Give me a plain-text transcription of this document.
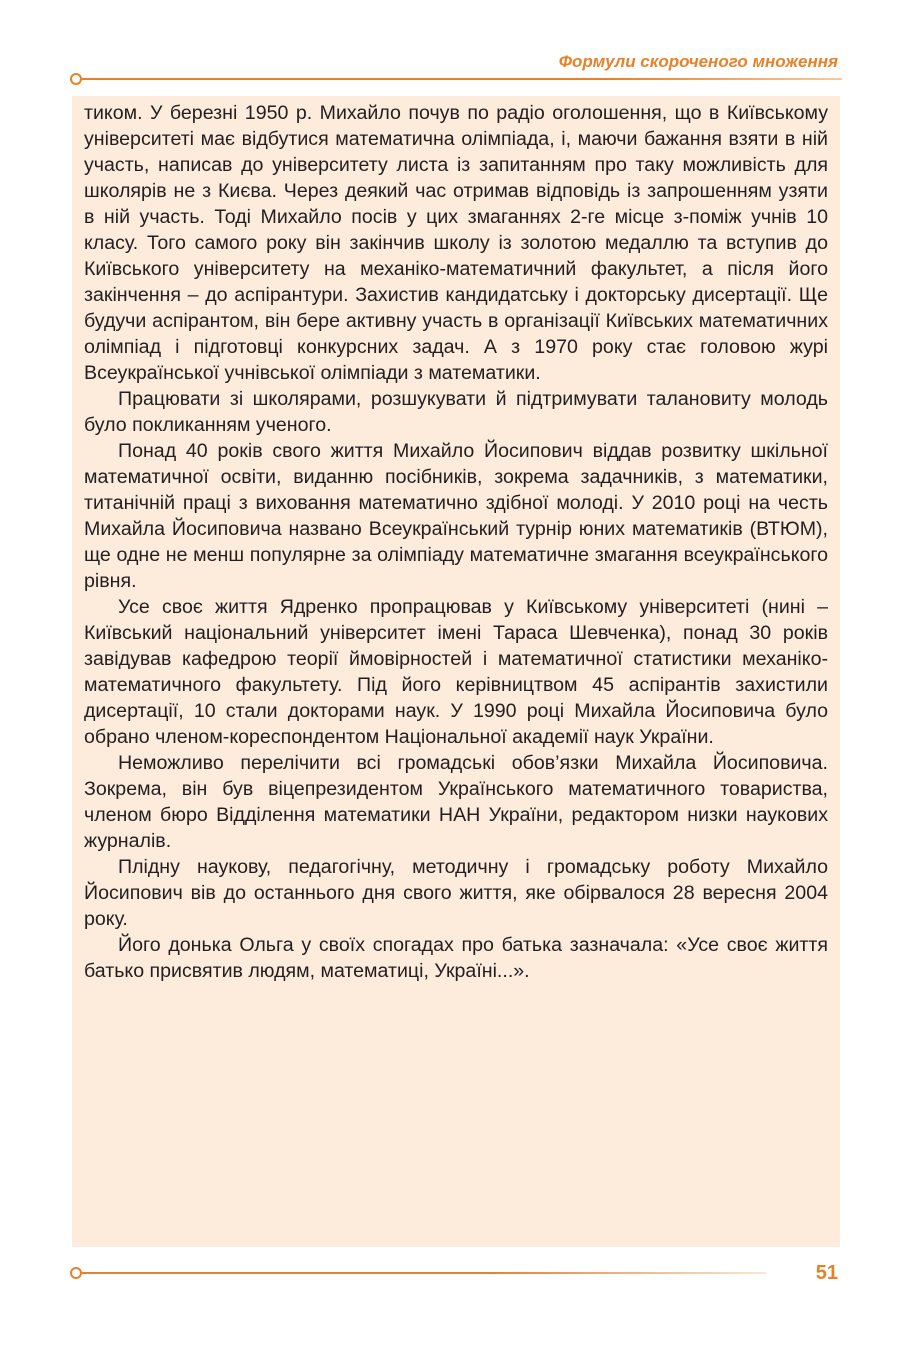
Формули скороченого множення

тиком. У березні 1950 р. Михайло почув по радіо оголошення, що в Київському університеті має відбутися математична олімпіада, і, маючи бажання взяти в ній участь, написав до університету листа із запитанням про таку можливість для школярів не з Києва. Через деякий час отримав відповідь із запрошенням узяти в ній участь. Тоді Михайло посів у цих змаганнях 2-ге місце з-поміж учнів 10 класу. Того самого року він закінчив школу із золотою медаллю та вступив до Київського університету на механіко-математичний факультет, а після його закінчення – до аспірантури. Захистив кандидатську і докторську дисертації. Ще будучи аспірантом, він бере активну участь в організації Київських математичних олімпіад і підготовці конкурсних задач. А з 1970 року стає головою журі Всеукраїнської учнівської олімпіади з математики.

Працювати зі школярами, розшукувати й підтримувати талановиту молодь було покликанням ученого.

Понад 40 років свого життя Михайло Йосипович віддав розвитку шкільної математичної освіти, виданню посібників, зокрема задачників, з математики, титанічній праці з виховання математично здібної молоді. У 2010 році на честь Михайла Йосиповича названо Всеукраїнський турнір юних математиків (ВТЮМ), ще одне не менш популярне за олімпіаду математичне змагання всеукраїнського рівня.

Усе своє життя Ядренко пропрацював у Київському університеті (нині – Київський національний університет імені Тараса Шевченка), понад 30 років завідував кафедрою теорії ймовірностей і математичної статистики механіко-математичного факультету. Під його керівництвом 45 аспірантів захистили дисертації, 10 стали докторами наук. У 1990 році Михайла Йосиповича було обрано членом-кореспондентом Національної академії наук України.

Неможливо перелічити всі громадські обов’язки Михайла Йосиповича. Зокрема, він був віцепрезидентом Українського математичного товариства, членом бюро Відділення математики НАН України, редактором низки наукових журналів.

Плідну наукову, педагогічну, методичну і громадську роботу Михайло Йосипович вів до останнього дня свого життя, яке обірвалося 28 вересня 2004 року.

Його донька Ольга у своїх спогадах про батька зазначала: «Усе своє життя батько присвятив людям, математиці, Україні...».

51
